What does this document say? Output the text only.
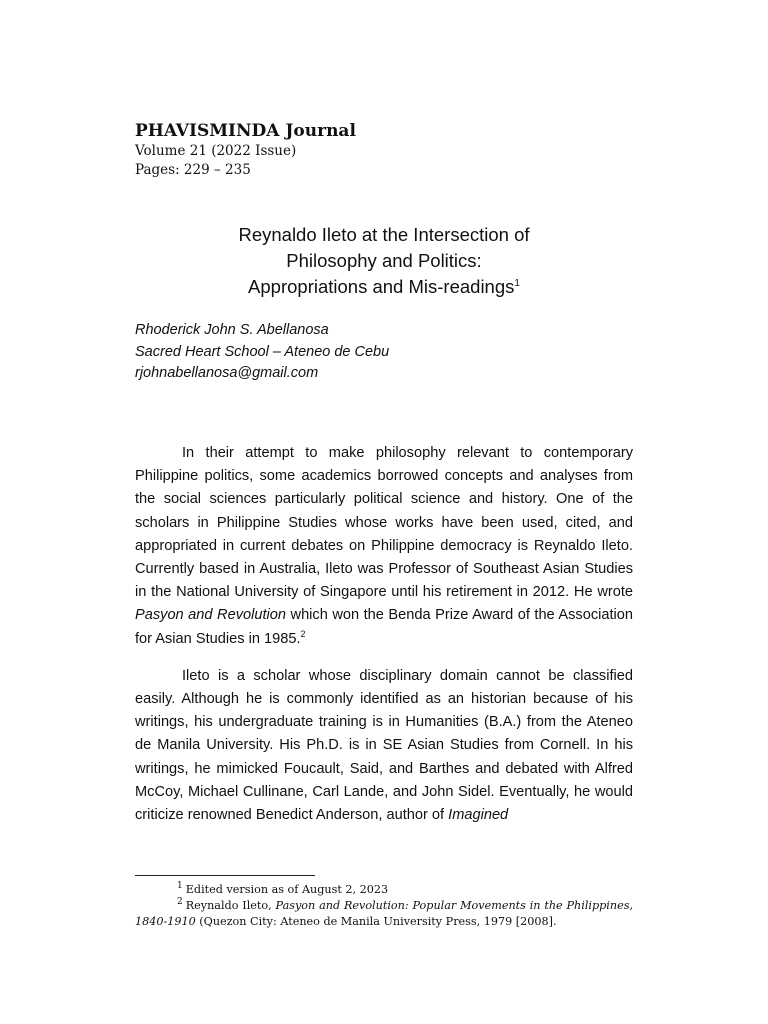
PHAVISMINDA Journal

Volume 21 (2022 Issue)

Pages: 229 – 235

Reynaldo Ileto at the Intersection of
Philosophy and Politics:
Appropriations and Mis-readings$^1$
Rhoderick John S. Abellanosa
Sacred Heart School – Ateneo de Cebu
rjohnabellanosa@gmail.com

In their attempt to make philosophy relevant to contemporary Philippine politics, some academics borrowed concepts and analyses from the social sciences particularly political science and history. One of the scholars in Philippine Studies whose works have been used, cited, and appropriated in current debates on Philippine democracy is Reynaldo Ileto. Currently based in Australia, Ileto was Professor of Southeast Asian Studies in the National University of Singapore until his retirement in 2012. He wrote Pasyon and Revolution which won the Benda Prize Award of the Association for Asian Studies in 1985.$^2$

Ileto is a scholar whose disciplinary domain cannot be classified easily. Although he is commonly identified as an historian because of his writings, his undergraduate training is in Humanities (B.A.) from the Ateneo de Manila University. His Ph.D. is in SE Asian Studies from Cornell. In his writings, he mimicked Foucault, Said, and Barthes and debated with Alfred McCoy, Michael Cullinane, Carl Lande, and John Sidel. Eventually, he would criticize renowned Benedict Anderson, author of Imagined

$^1$ Edited version as of August 2, 2023

$^2$ Reynaldo Ileto, Pasyon and Revolution: Popular Movements in the Philippines, 1840-1910 (Quezon City: Ateneo de Manila University Press, 1979 [2008].
